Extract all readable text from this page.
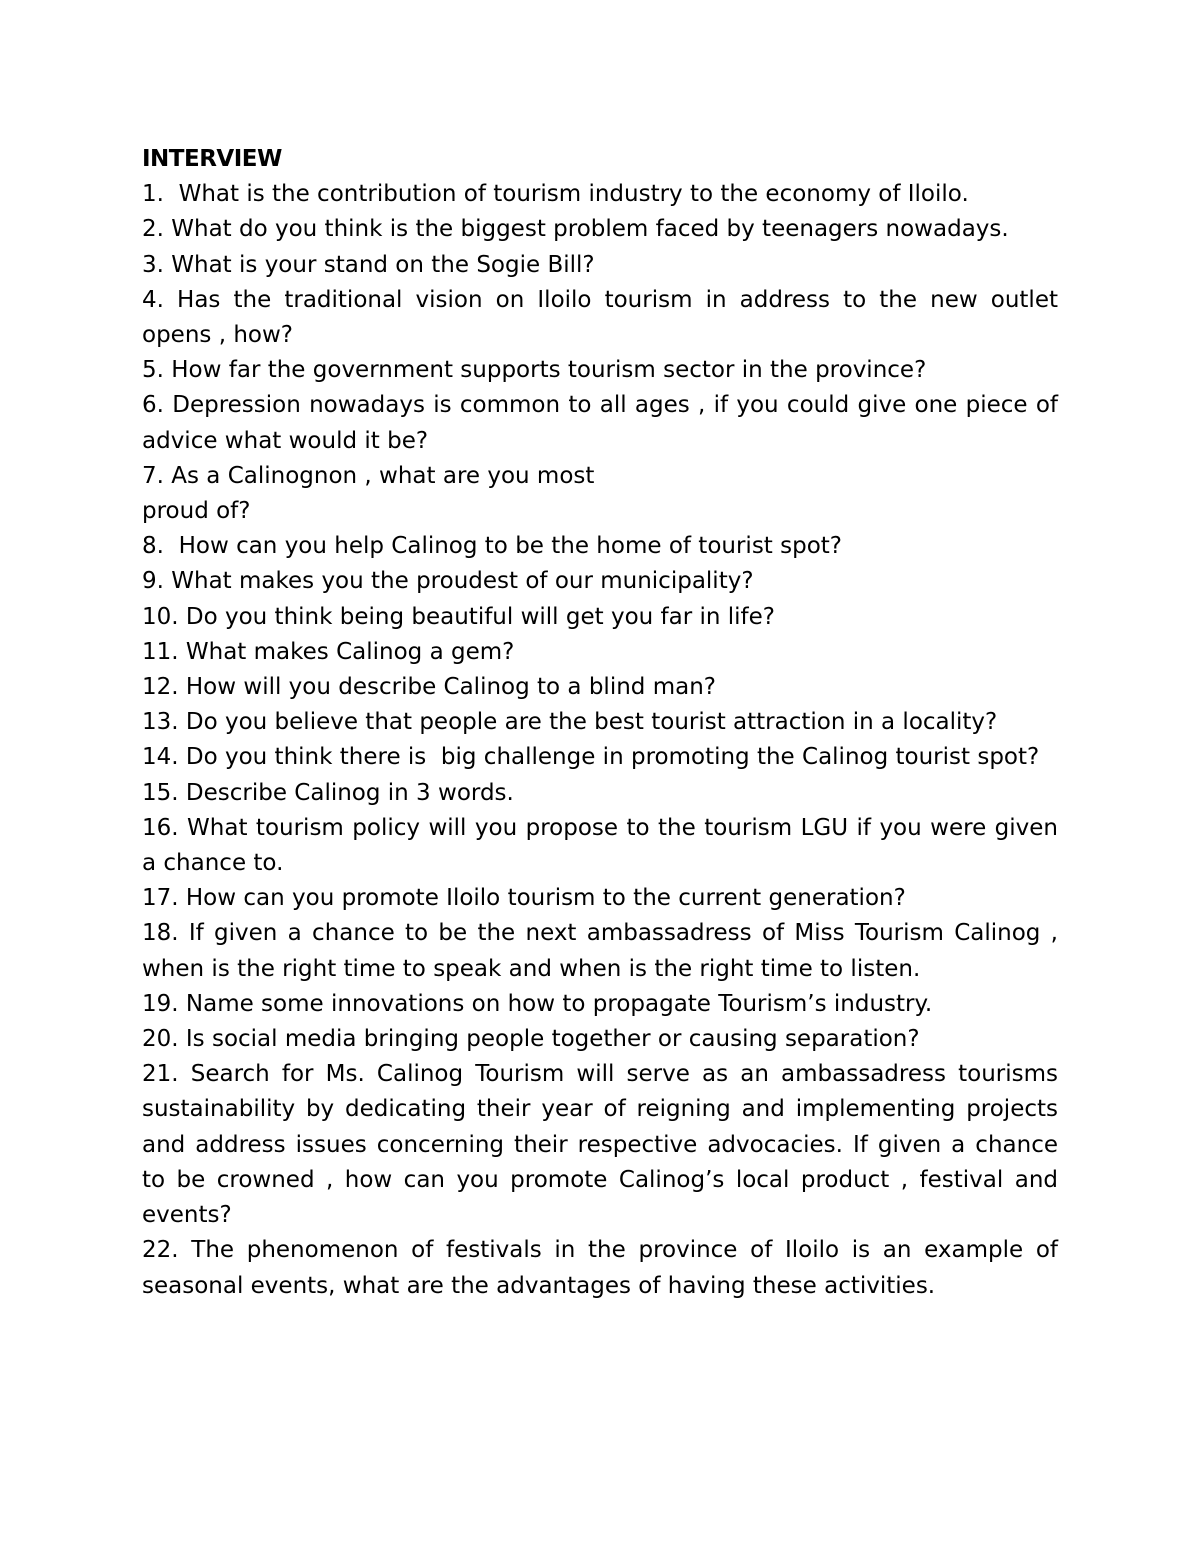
INTERVIEW

1.  What is the contribution of tourism industry to the economy of Iloilo.

2. What do you think is the biggest problem faced by teenagers nowadays.

3. What is your stand on the Sogie Bill?

4. Has the traditional vision on Iloilo tourism in address to the new outlet opens , how?

5. How far the government supports tourism sector in the province?

6. Depression nowadays is common to all ages , if you could give one piece of advice what would it be?

7. As a Calinognon , what are you most

proud of?

8.  How can you help Calinog to be the home of tourist spot?

9. What makes you the proudest of our municipality?

10. Do you think being beautiful will get you far in life?

11. What makes Calinog a gem?

12. How will you describe Calinog to a blind man?

13. Do you believe that people are the best tourist attraction in a locality?

14. Do you think there is  big challenge in promoting the Calinog tourist spot?

15. Describe Calinog in 3 words.

16. What tourism policy will you propose to the tourism LGU if you were given a chance to.

17. How can you promote Iloilo tourism to the current generation?

18. If given a chance to be the next ambassadress of Miss Tourism Calinog , when is the right time to speak and when is the right time to listen.

19. Name some innovations on how to propagate Tourism’s industry.

20. Is social media bringing people together or causing separation?

21. Search for Ms. Calinog Tourism will serve as an ambassadress tourisms sustainability by dedicating their year of reigning and implementing projects and address issues concerning their respective advocacies. If given a chance to be crowned , how can you promote Calinog’s local product , festival and events?

22. The phenomenon of festivals in the province of Iloilo is an example of seasonal events, what are the advantages of having these activities.
